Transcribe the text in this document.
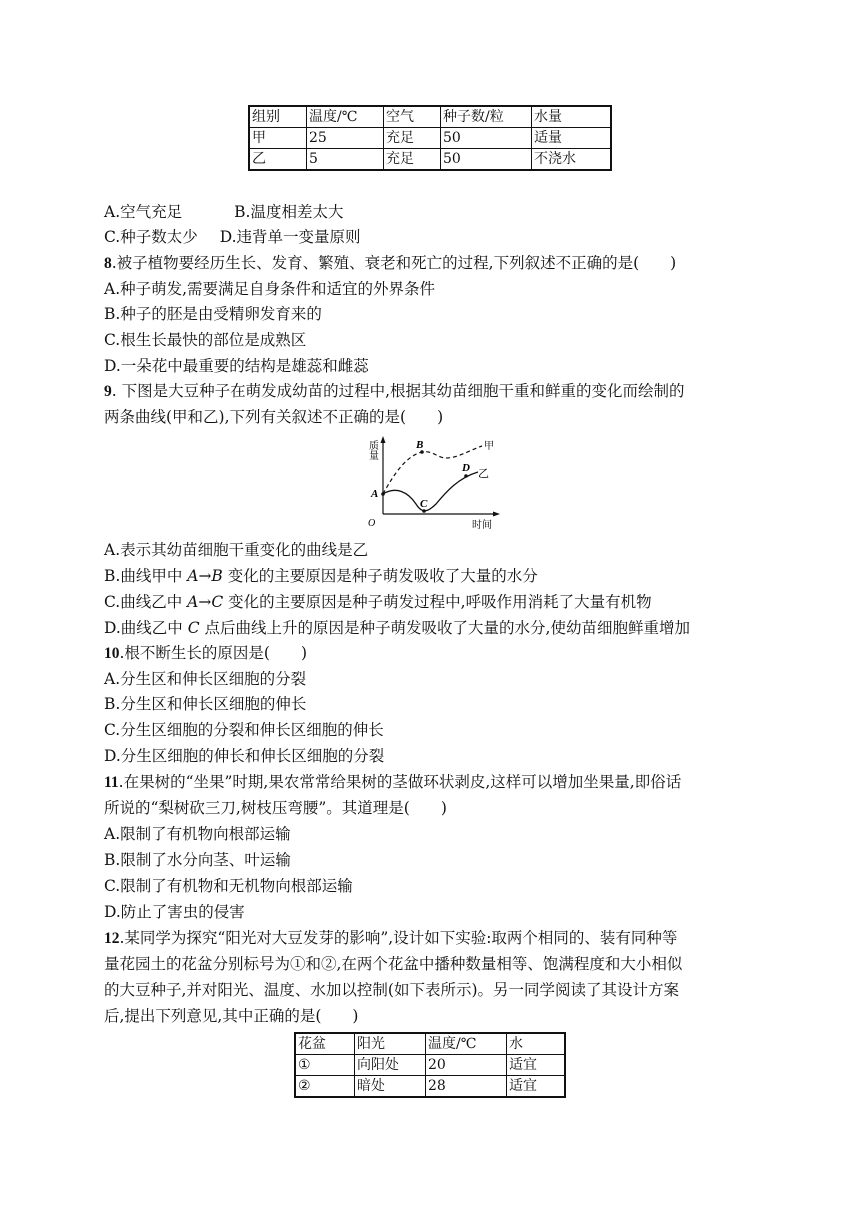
组别	温度/℃	空气	种子数/粒	水量
甲	25	充足	50	适量
乙	5	充足	50	不浇水
A.空气充足	B.温度相差太大
C.种子数太少 D.违背单一变量原则
8.被子植物要经历生长、发育、繁殖、衰老和死亡的过程,下列叙述不正确的是(　　)
A.种子萌发,需要满足自身条件和适宜的外界条件
B.种子的胚是由受精卵发育来的
C.根生长最快的部位是成熟区
D.一朵花中最重要的结构是雄蕊和雌蕊
9. 下图是大豆种子在萌发成幼苗的过程中,根据其幼苗细胞干重和鲜重的变化而绘制的
两条曲线(甲和乙),下列有关叙述不正确的是(　　)
质量
时间
O
A
B
C
D
甲
乙
A.表示其幼苗细胞干重变化的曲线是乙
B.曲线甲中 A→B 变化的主要原因是种子萌发吸收了大量的水分
C.曲线乙中 A→C 变化的主要原因是种子萌发过程中,呼吸作用消耗了大量有机物
D.曲线乙中 C 点后曲线上升的原因是种子萌发吸收了大量的水分,使幼苗细胞鲜重增加
10.根不断生长的原因是(　　)
A.分生区和伸长区细胞的分裂
B.分生区和伸长区细胞的伸长
C.分生区细胞的分裂和伸长区细胞的伸长
D.分生区细胞的伸长和伸长区细胞的分裂
11.在果树的“坐果”时期,果农常常给果树的茎做环状剥皮,这样可以增加坐果量,即俗话
所说的“梨树砍三刀,树枝压弯腰”。其道理是(　　)
A.限制了有机物向根部运输
B.限制了水分向茎、叶运输
C.限制了有机物和无机物向根部运输
D.防止了害虫的侵害
12.某同学为探究“阳光对大豆发芽的影响”,设计如下实验:取两个相同的、装有同种等
量花园土的花盆分别标号为①和②,在两个花盆中播种数量相等、饱满程度和大小相似
的大豆种子,并对阳光、温度、水加以控制(如下表所示)。另一同学阅读了其设计方案
后,提出下列意见,其中正确的是(　　)
花盆	阳光	温度/℃	水
①	向阳处	20	适宜
②	暗处	28	适宜
